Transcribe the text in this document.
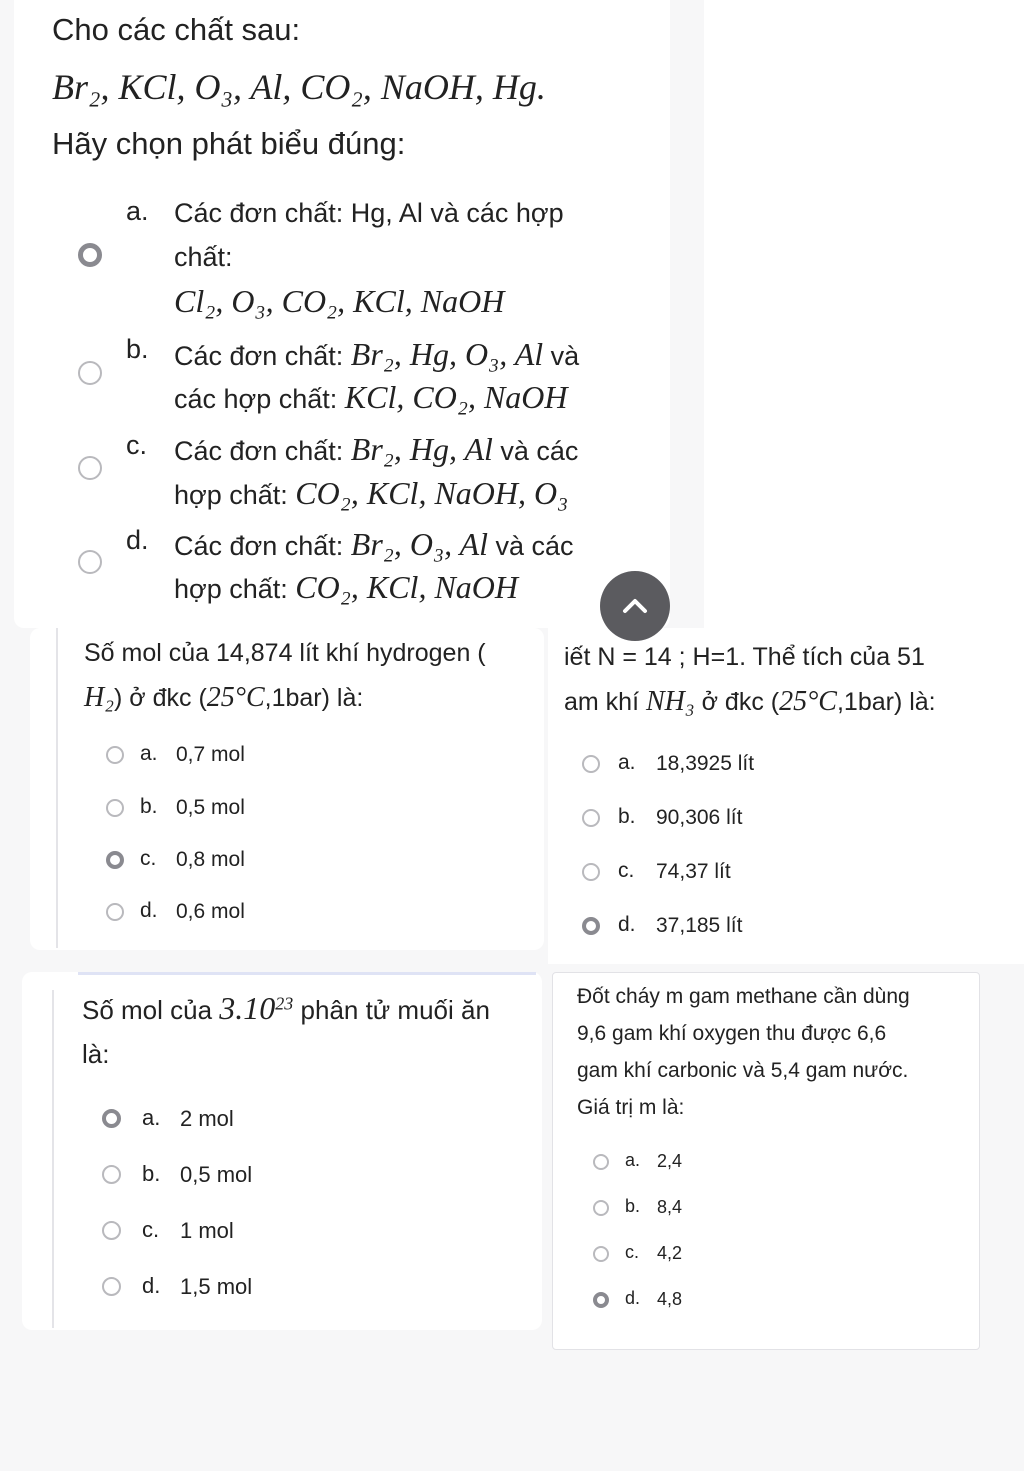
Cho các chất sau:
Br₂, KCl, O₃, Al, CO₂, NaOH, Hg.
Hãy chọn phát biểu đúng:
a. Các đơn chất: Hg, Al và các hợp
chất:
Cl₂, O₃, CO₂, KCl, NaOH
b. Các đơn chất: Br₂, Hg, O₃, Al và
các hợp chất: KCl, CO₂, NaOH
c. Các đơn chất: Br₂, Hg, Al và các
hợp chất: CO₂, KCl, NaOH, O₃
d. Các đơn chất: Br₂, O₃, Al và các
hợp chất: CO₂, KCl, NaOH
Số mol của 14,874 lít khí hydrogen (
H₂) ở đkc (25°C,1bar) là:
a. 0,7 mol
b. 0,5 mol
c. 0,8 mol
d. 0,6 mol
iết N = 14 ; H=1. Thể tích của 51
am khí NH₃ ở đkc (25°C,1bar) là:
a. 18,3925 lít
b. 90,306 lít
c. 74,37 lít
d. 37,185 lít
Số mol của 3.10$^{23}$ phân tử muối ăn
là:
a. 2 mol
b. 0,5 mol
c. 1 mol
d. 1,5 mol
Đốt cháy m gam methane cần dùng
9,6 gam khí oxygen thu được 6,6
gam khí carbonic và 5,4 gam nước.
Giá trị m là:
a. 2,4
b. 8,4
c. 4,2
d. 4,8
